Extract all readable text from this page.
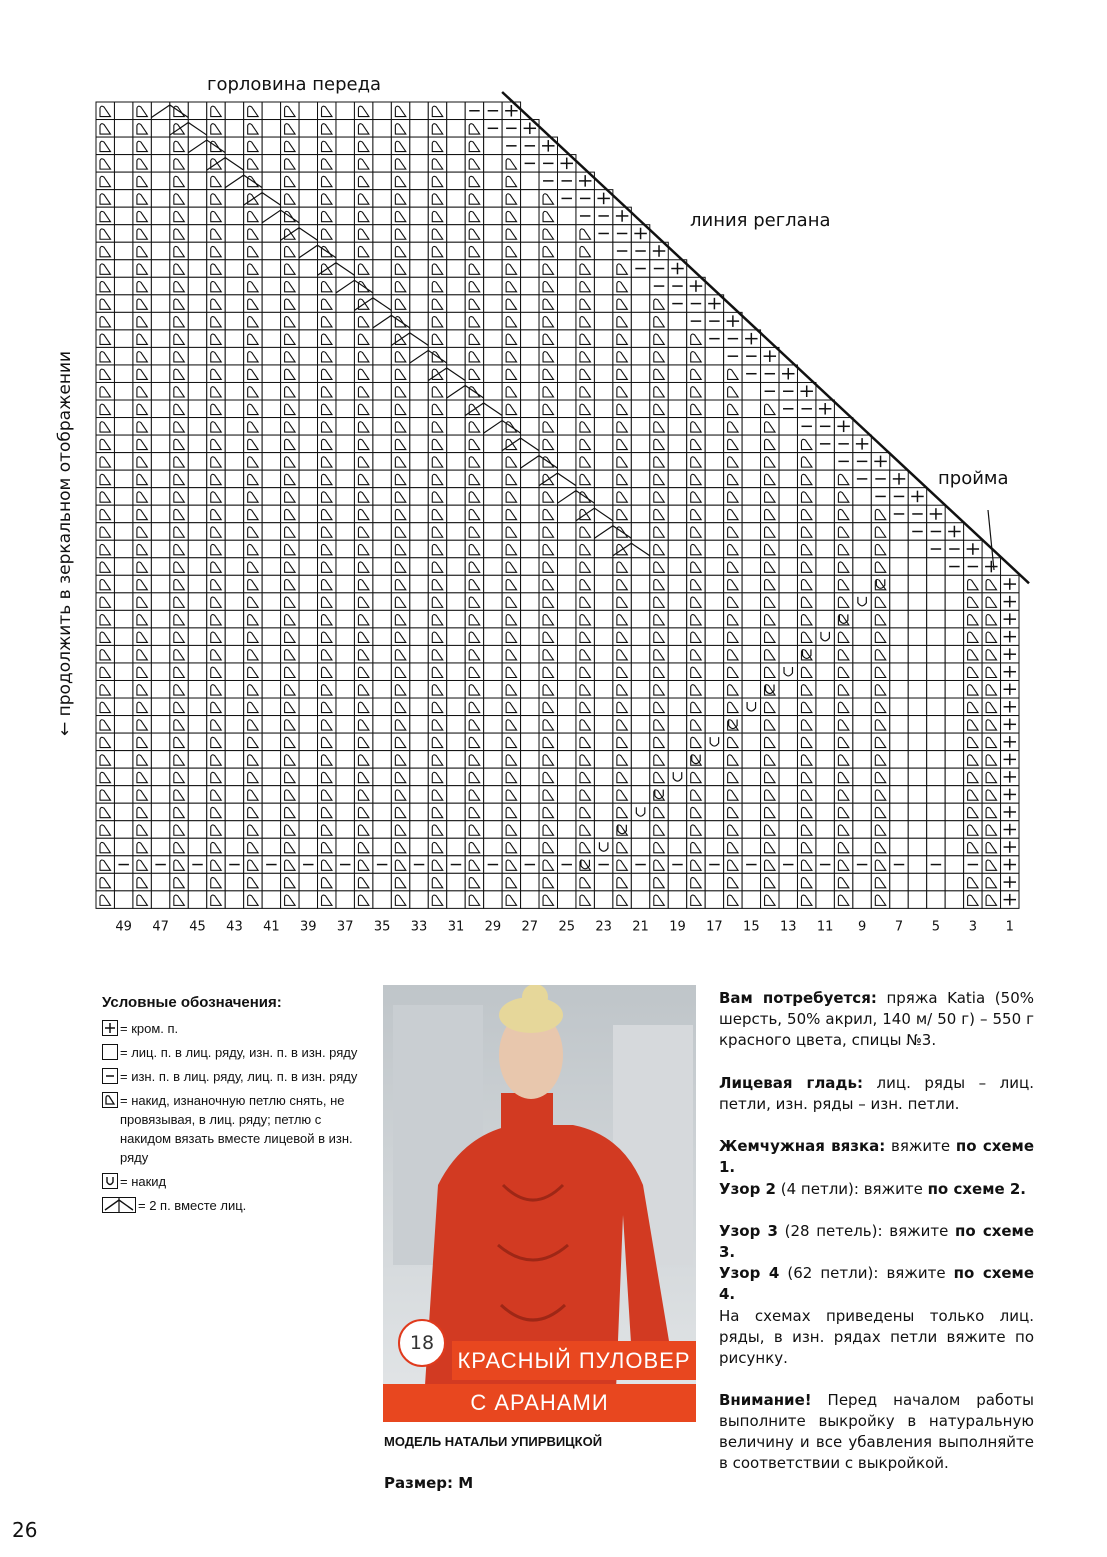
49 47 45 43 41 39 37 35 33 31 29 27 25 23 21 19 17 15 13 11 9 7 5 3 1
горловина переда
линия реглана
пройма
← продолжить в зеркальном отображении
Условные обозначения:
= кром. п.
= лиц. п. в лиц. ряду, изн. п. в изн. ряду
= изн. п. в лиц. ряду, лиц. п. в изн. ряду
= накид, изнаночную петлю снять, не провязывая, в лиц. ряду; петлю с накидом вязать вместе лицевой в изн. ряду
= накид
= 2 п. вместе лиц.
18
КРАСНЫЙ ПУЛОВЕР
С АРАНАМИ
МОДЕЛЬ НАТАЛЬИ УПИРВИЦКОЙ
Размер: М
Вам потребуется: пряжа Katia (50% шерсть, 50% акрил, 140 м/ 50 г) – 550 г красного цвета, спицы №3.
Лицевая гладь: лиц. ряды – лиц. петли, изн. ряды – изн. петли.
Жемчужная вязка: вяжите по схеме 1.
Узор 2 (4 петли): вяжите по схеме 2.
Узор 3 (28 петель): вяжите по схеме 3.
Узор 4 (62 петли): вяжите по схеме 4.
На схемах приведены только лиц. ряды, в изн. рядах петли вяжите по рисунку.
Внимание! Перед началом работы выполните выкройку в натуральную величину и все убавления выполняйте в соответствии с выкройкой.
26
